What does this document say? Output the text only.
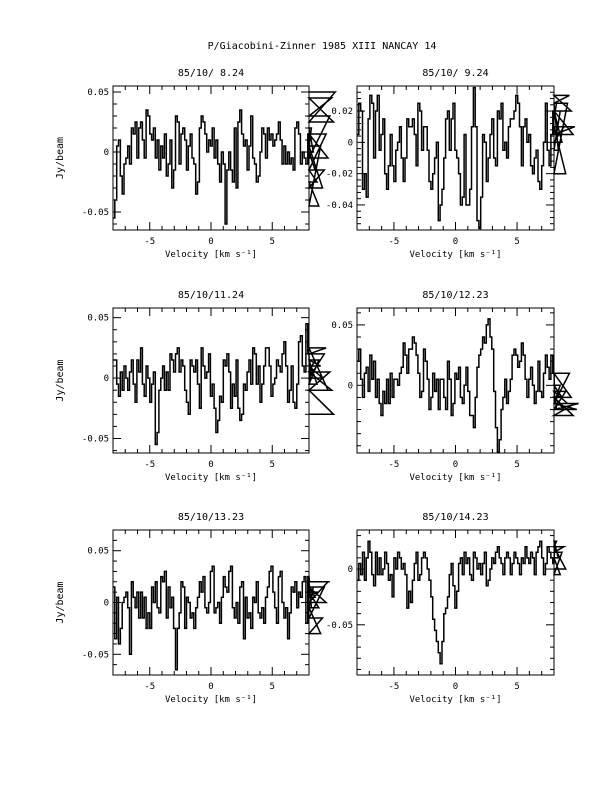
P/Giacobini-Zinner 1985 XIII NANCAY 14
-5	0	5
-0.05
0
0.05
85/10/ 8.24
Velocity [km s⁻¹]
Jy/beam
-5	0	5
-0.04
-0.02
0
0.02
85/10/ 9.24
Velocity [km s⁻¹]
-5	0	5
-0.05
0
0.05
85/10/11.24
Velocity [km s⁻¹]
Jy/beam
-5	0	5
0
0.05
85/10/12.23
Velocity [km s⁻¹]
-5	0	5
-0.05
0
0.05
85/10/13.23
Velocity [km s⁻¹]
Jy/beam
-5	0	5
-0.05
0
85/10/14.23
Velocity [km s⁻¹]
